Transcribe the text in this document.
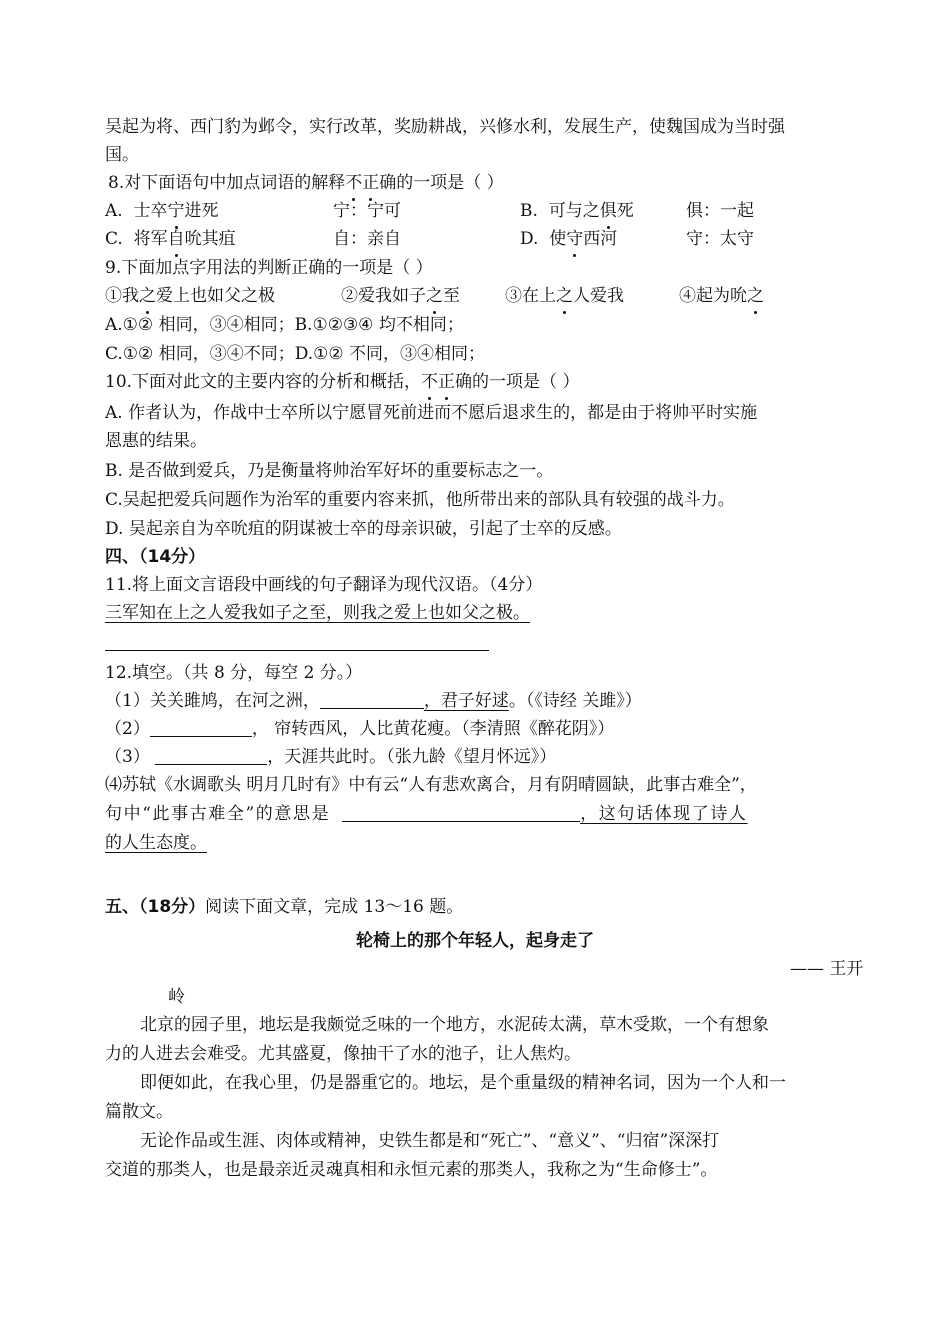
吴起为将、西门豹为邺令，实行改革，奖励耕战，兴修水利，发展生产，使魏国成为当时强
国。
8.对下面语句中加点词语的解释不正确的一项是（ ）
A. 士卒宁进死	宁：宁可	B. 可与之俱死	俱：一起
C. 将军自吮其疽	自：亲自	D. 使守西河	守：太守
9.下面加点字用法的判断正确的一项是（ ）
①我之爱上也如父之极	②爱我如子之至	③在上之人爱我	④起为吮之
A.①② 相同，③④相同；B.①②③④ 均不相同；
C.①② 相同，③④不同；D.①② 不同，③④相同；
10.下面对此文的主要内容的分析和概括，不正确的一项是（ ）
A. 作者认为，作战中士卒所以宁愿冒死前进而不愿后退求生的，都是由于将帅平时实施
恩惠的结果。
B. 是否做到爱兵，乃是衡量将帅治军好坏的重要标志之一。
C.吴起把爱兵问题作为治军的重要内容来抓，他所带出来的部队具有较强的战斗力。
D. 吴起亲自为卒吮疽的阴谋被士卒的母亲识破，引起了士卒的反感。
四、（14分）
11.将上面文言语段中画线的句子翻译为现代汉语。（4分）
三军知在上之人爱我如子之至，则我之爱上也如父之极。
12.填空。（共 8 分，每空 2 分。）
（1）关关雎鸠，在河之洲，	，君子好逑。（《诗经 关雎》）
（2）	， 帘转西风，人比黄花瘦。（李清照《醉花阴》）
（3）	，天涯共此时。（张九龄《望月怀远》）
⑷苏轼《水调歌头 明月几时有》中有云“人有悲欢离合，月有阴晴圆缺，此事古难全”，
句中“此事古难全”的意思是	，这句话体现了诗人
的人生态度。
五、（18分）阅读下面文章，完成 13～16 题。
轮椅上的那个年轻人，起身走了
—— 王开
岭
北京的园子里，地坛是我颇觉乏味的一个地方，水泥砖太满，草木受欺，一个有想象
力的人进去会难受。尤其盛夏，像抽干了水的池子，让人焦灼。
即便如此，在我心里，仍是器重它的。地坛，是个重量级的精神名词，因为一个人和一
篇散文。
无论作品或生涯、肉体或精神，史铁生都是和“死亡”、“意义”、“归宿”深深打
交道的那类人，也是最亲近灵魂真相和永恒元素的那类人，我称之为“生命修士”。
